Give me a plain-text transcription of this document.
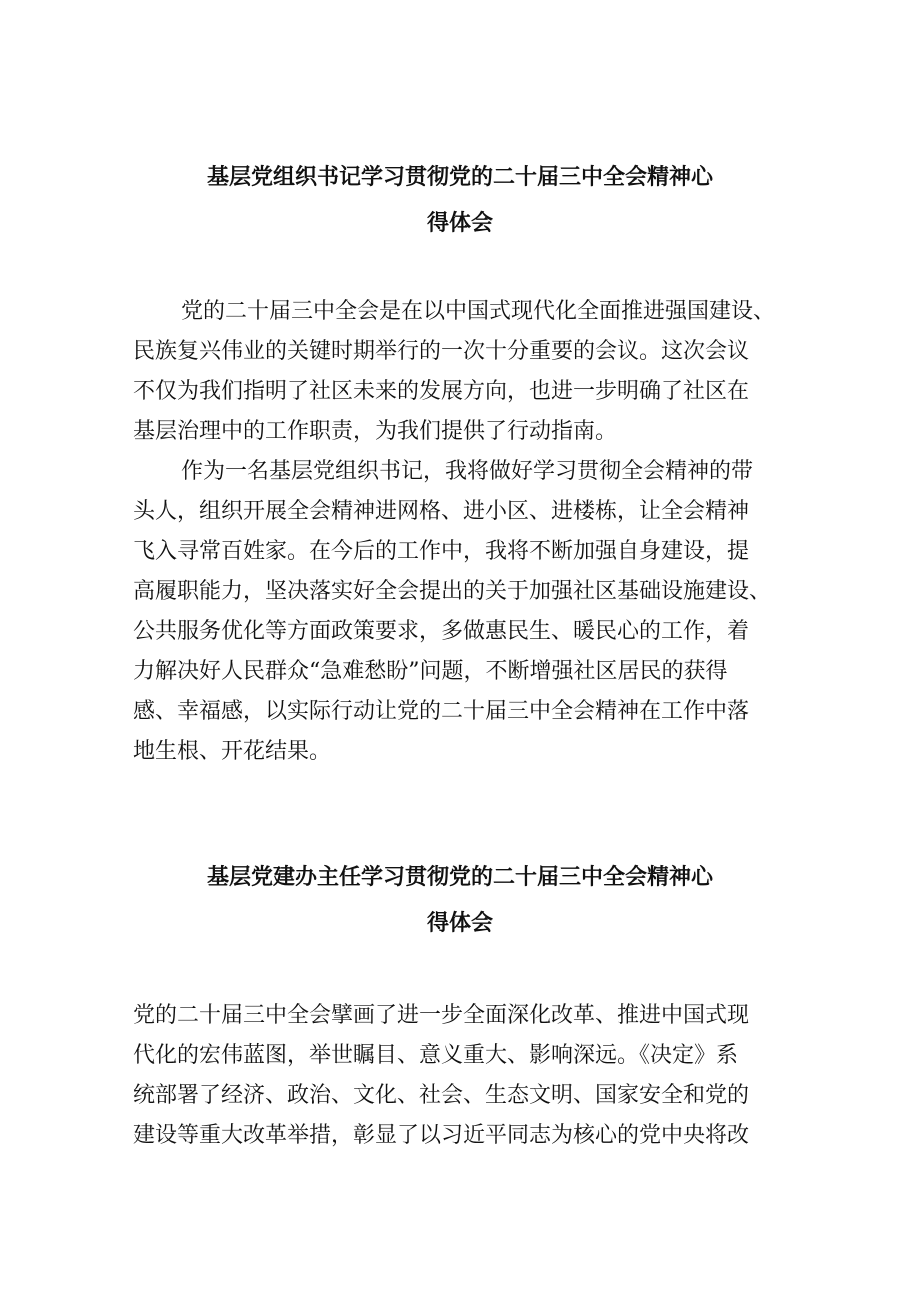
基层党组织书记学习贯彻党的二十届三中全会精神心
得体会
党的二十届三中全会是在以中国式现代化全面推进强国建设、
民族复兴伟业的关键时期举行的一次十分重要的会议。这次会议
不仅为我们指明了社区未来的发展方向，也进一步明确了社区在
基层治理中的工作职责，为我们提供了行动指南。
作为一名基层党组织书记，我将做好学习贯彻全会精神的带
头人，组织开展全会精神进网格、进小区、进楼栋，让全会精神
飞入寻常百姓家。在今后的工作中，我将不断加强自身建设，提
高履职能力，坚决落实好全会提出的关于加强社区基础设施建设、
公共服务优化等方面政策要求，多做惠民生、暖民心的工作，着
力解决好人民群众“急难愁盼”问题，不断增强社区居民的获得
感、幸福感，以实际行动让党的二十届三中全会精神在工作中落
地生根、开花结果。
基层党建办主任学习贯彻党的二十届三中全会精神心
得体会
党的二十届三中全会擘画了进一步全面深化改革、推进中国式现
代化的宏伟蓝图，举世瞩目、意义重大、影响深远。《决定》系
统部署了经济、政治、文化、社会、生态文明、国家安全和党的
建设等重大改革举措，彰显了以习近平同志为核心的党中央将改
